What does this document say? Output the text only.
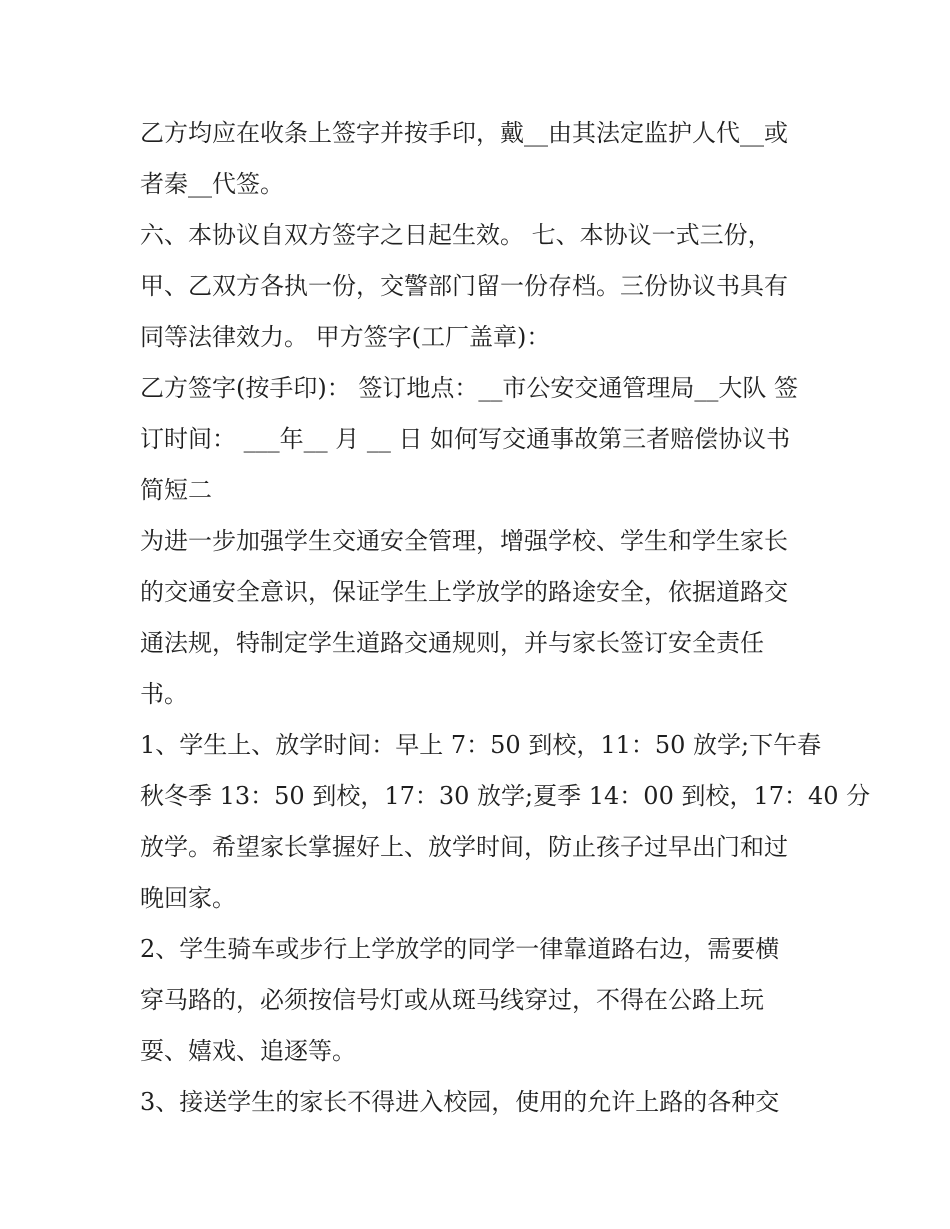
乙方均应在收条上签字并按手印，戴__由其法定监护人代__或
者秦__代签。
六、本协议自双方签字之日起生效。 七、本协议一式三份，
甲、乙双方各执一份，交警部门留一份存档。三份协议书具有
同等法律效力。 甲方签字(工厂盖章)：
乙方签字(按手印)： 签订地点：__市公安交通管理局__大队 签
订时间： ___年__ 月 __ 日 如何写交通事故第三者赔偿协议书
简短二
为进一步加强学生交通安全管理，增强学校、学生和学生家长
的交通安全意识，保证学生上学放学的路途安全，依据道路交
通法规，特制定学生道路交通规则，并与家长签订安全责任
书。
1、学生上、放学时间：早上 7：50 到校，11：50 放学;下午春
秋冬季 13：50 到校，17：30 放学;夏季 14：00 到校，17：40 分
放学。希望家长掌握好上、放学时间，防止孩子过早出门和过
晚回家。
2、学生骑车或步行上学放学的同学一律靠道路右边，需要横
穿马路的，必须按信号灯或从斑马线穿过，不得在公路上玩
耍、嬉戏、追逐等。
3、接送学生的家长不得进入校园，使用的允许上路的各种交
